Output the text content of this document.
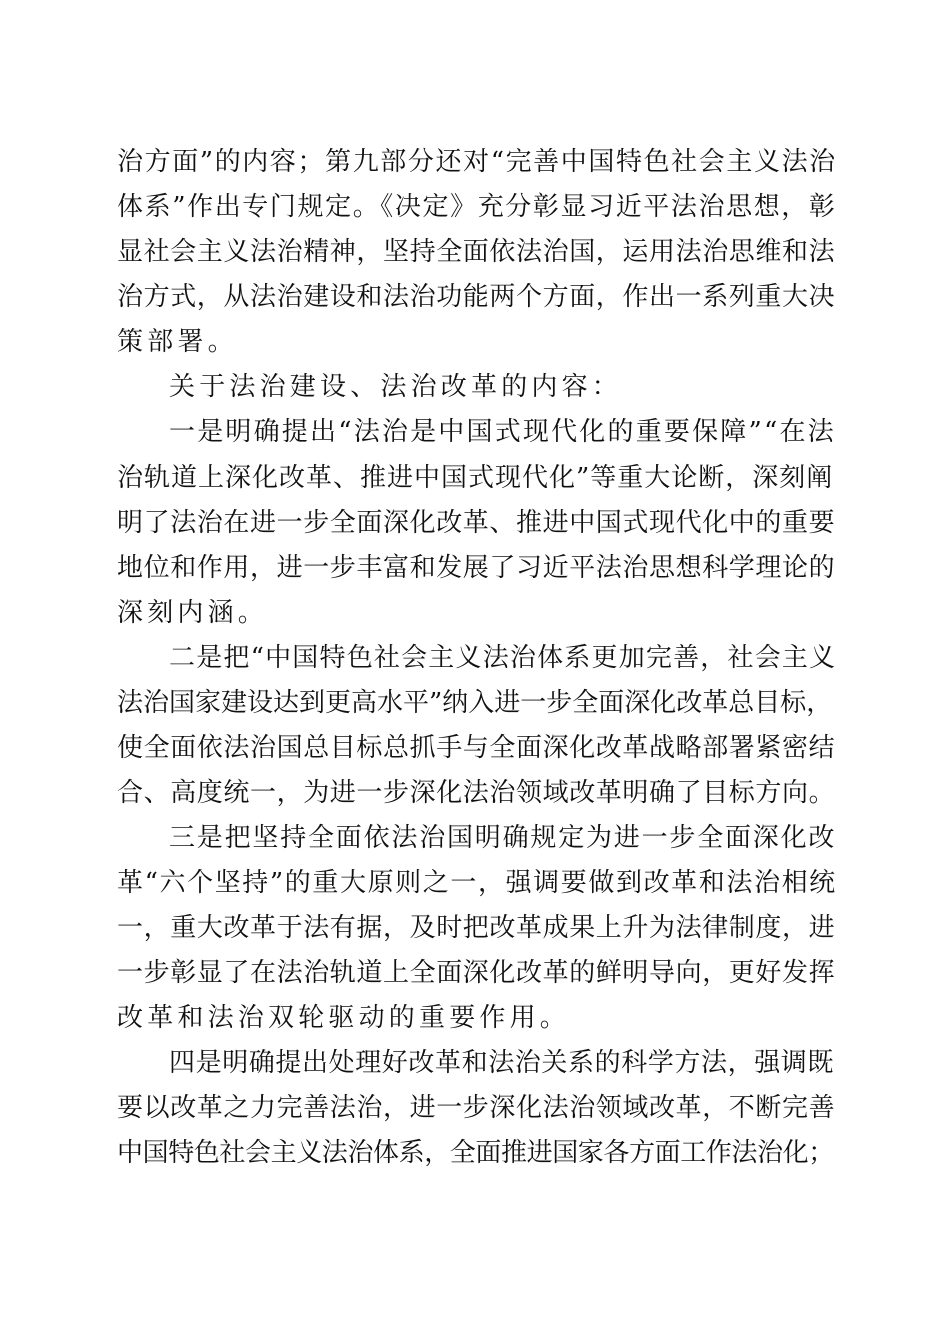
治方面”的内容；第九部分还对“完善中国特色社会主义法治
体系”作出专门规定。《决定》充分彰显习近平法治思想，彰
显社会主义法治精神，坚持全面依法治国，运用法治思维和法
治方式，从法治建设和法治功能两个方面，作出一系列重大决
策部署。
关于法治建设、法治改革的内容：
一是明确提出“法治是中国式现代化的重要保障”“在法
治轨道上深化改革、推进中国式现代化”等重大论断，深刻阐
明了法治在进一步全面深化改革、推进中国式现代化中的重要
地位和作用，进一步丰富和发展了习近平法治思想科学理论的
深刻内涵。
二是把“中国特色社会主义法治体系更加完善，社会主义
法治国家建设达到更高水平”纳入进一步全面深化改革总目标，
使全面依法治国总目标总抓手与全面深化改革战略部署紧密结
合、高度统一，为进一步深化法治领域改革明确了目标方向。
三是把坚持全面依法治国明确规定为进一步全面深化改
革“六个坚持”的重大原则之一，强调要做到改革和法治相统
一，重大改革于法有据，及时把改革成果上升为法律制度，进
一步彰显了在法治轨道上全面深化改革的鲜明导向，更好发挥
改革和法治双轮驱动的重要作用。
四是明确提出处理好改革和法治关系的科学方法，强调既
要以改革之力完善法治，进一步深化法治领域改革，不断完善
中国特色社会主义法治体系，全面推进国家各方面工作法治化；
